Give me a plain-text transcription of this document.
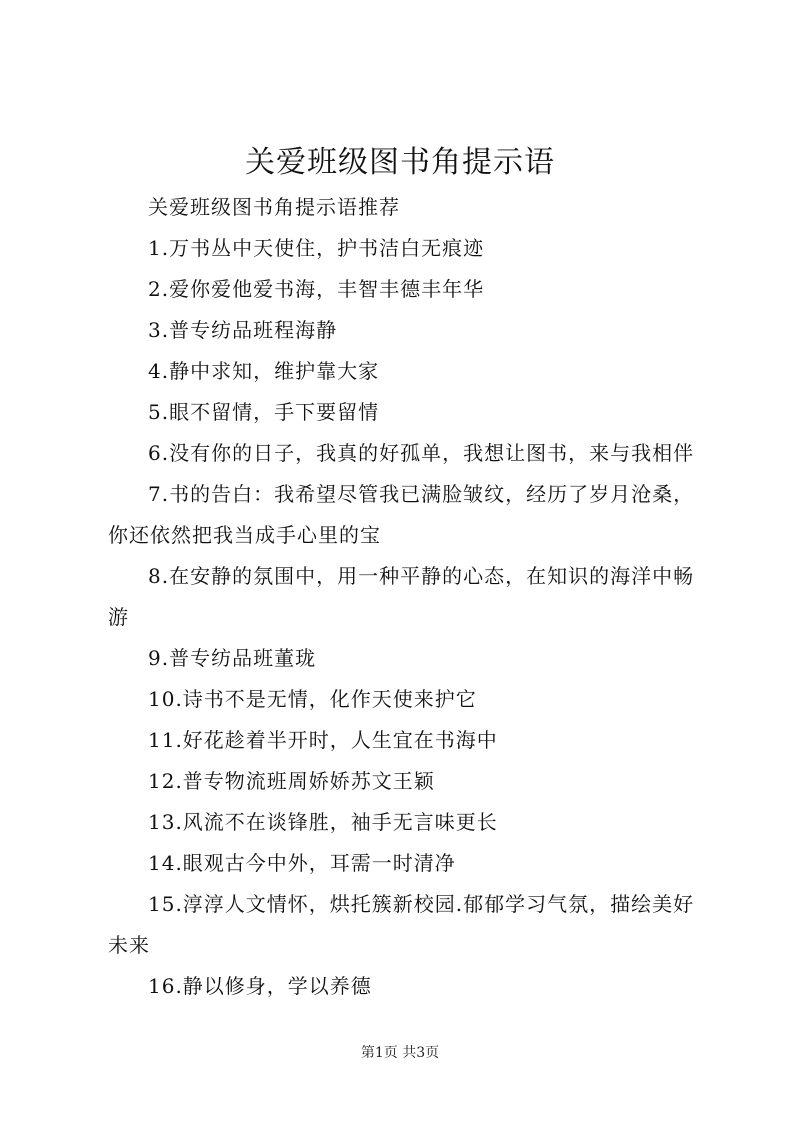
关爱班级图书角提示语

关爱班级图书角提示语推荐

1.万书丛中天使住，护书洁白无痕迹

2.爱你爱他爱书海，丰智丰德丰年华

3.普专纺品班程海静

4.静中求知，维护靠大家

5.眼不留情，手下要留情

6.没有你的日子，我真的好孤单，我想让图书，来与我相伴

7.书的告白：我希望尽管我已满脸皱纹，经历了岁月沧桑，你还依然把我当成手心里的宝

8.在安静的氛围中，用一种平静的心态，在知识的海洋中畅游

9.普专纺品班董珑

10.诗书不是无情，化作天使来护它

11.好花趁着半开时，人生宜在书海中

12.普专物流班周娇娇苏文王颖

13.风流不在谈锋胜，袖手无言味更长

14.眼观古今中外，耳需一时清净

15.淳淳人文情怀，烘托簇新校园.郁郁学习气氛，描绘美好未来

16.静以修身，学以养德

第1页 共3页
